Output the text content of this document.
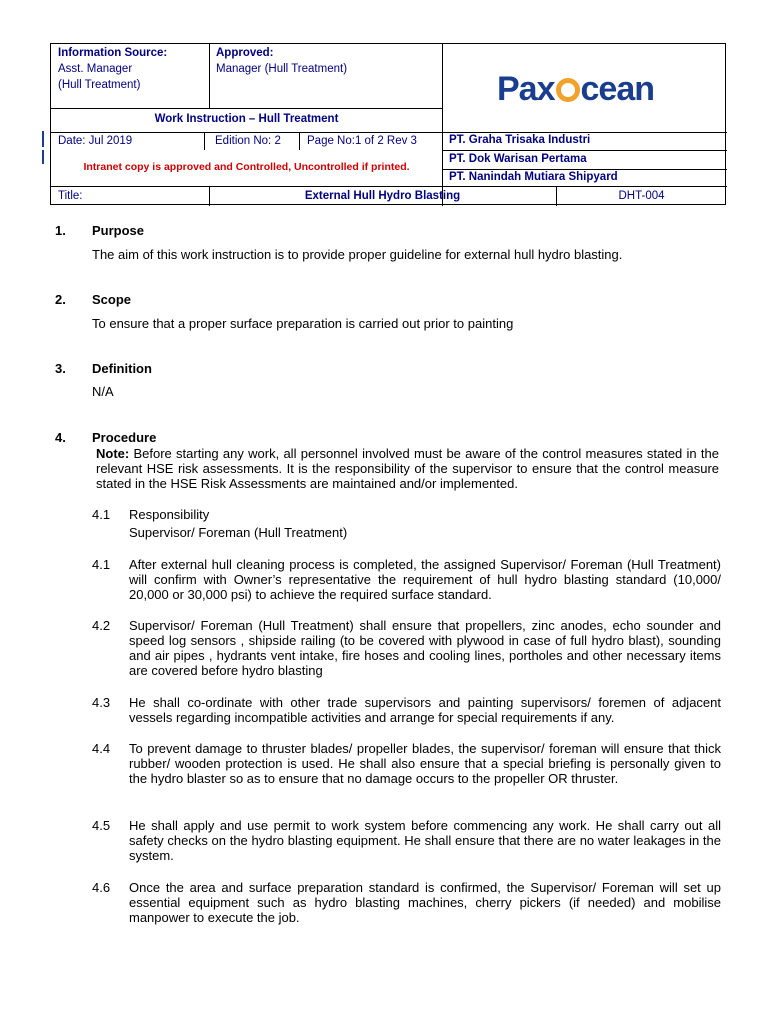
Information Source:
Asst. Manager
(Hull Treatment)
Approved:
Manager (Hull Treatment)
Work Instruction – Hull Treatment
Pax cean
Date: Jul 2019	Edition No: 2 Page No:1 of 2 Rev 3
Intranet copy is approved and Controlled, Uncontrolled if printed.
PT. Graha Trisaka Industri
PT. Dok Warisan Pertama
PT. Nanindah Mutiara Shipyard
Title:	External Hull Hydro Blasting	DHT-004
1. Purpose
The aim of this work instruction is to provide proper guideline for external hull hydro blasting.
2. Scope
To ensure that a proper surface preparation is carried out prior to painting
3. Definition
N/A
4. Procedure
Note: Before starting any work, all personnel involved must be aware of the control measures stated in the relevant HSE risk assessments. It is the responsibility of the supervisor to ensure that the control measure stated in the HSE Risk Assessments are maintained and/or implemented.
4.1 Responsibility
Supervisor/ Foreman (Hull Treatment)
4.1 After external hull cleaning process is completed, the assigned Supervisor/ Foreman (Hull Treatment) will confirm with Owner’s representative the requirement of hull hydro blasting standard (10,000/ 20,000 or 30,000 psi) to achieve the required surface standard.
4.2 Supervisor/ Foreman (Hull Treatment) shall ensure that propellers, zinc anodes, echo sounder and speed log sensors , shipside railing (to be covered with plywood in case of full hydro blast), sounding and air pipes , hydrants vent intake, fire hoses and cooling lines, portholes and other necessary items are covered before hydro blasting
4.3 He shall co-ordinate with other trade supervisors and painting supervisors/ foremen of adjacent vessels regarding incompatible activities and arrange for special requirements if any.
4.4 To prevent damage to thruster blades/ propeller blades, the supervisor/ foreman will ensure that thick rubber/ wooden protection is used. He shall also ensure that a special briefing is personally given to the hydro blaster so as to ensure that no damage occurs to the propeller OR thruster.
4.5 He shall apply and use permit to work system before commencing any work. He shall carry out all safety checks on the hydro blasting equipment. He shall ensure that there are no water leakages in the system.
4.6 Once the area and surface preparation standard is confirmed, the Supervisor/ Foreman will set up essential equipment such as hydro blasting machines, cherry pickers (if needed) and mobilise manpower to execute the job.
